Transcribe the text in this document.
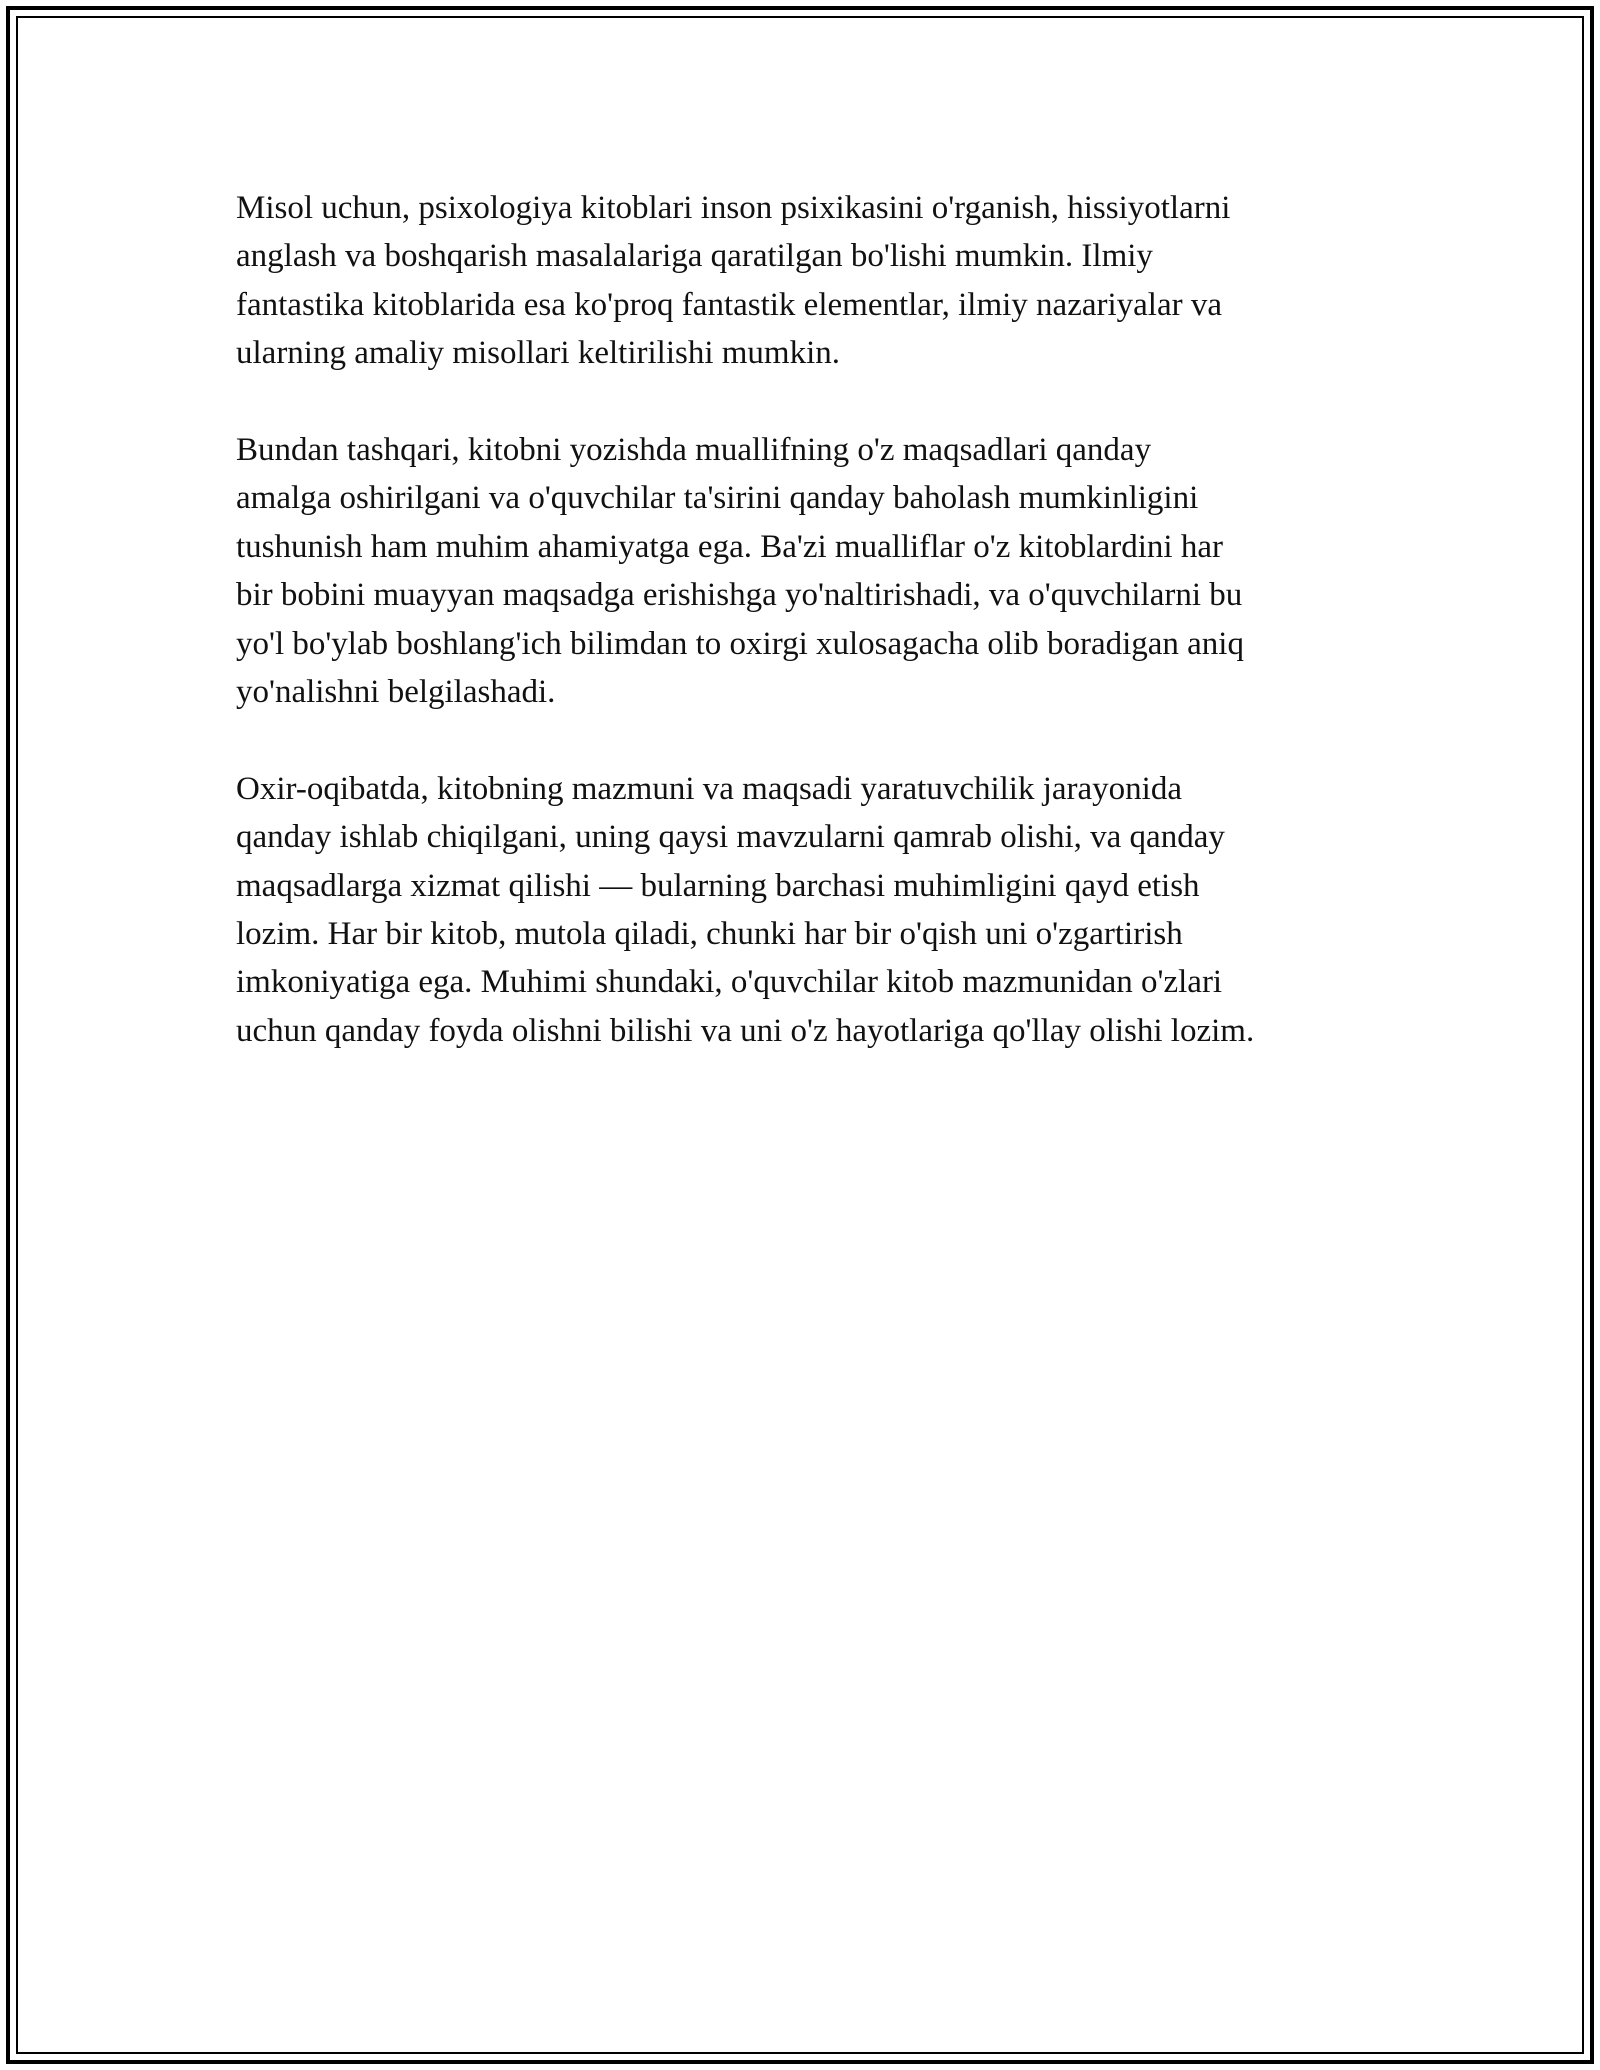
Misol uchun, psixologiya kitoblari inson psixikasini o'rganish, hissiyotlarni
anglash va boshqarish masalalariga qaratilgan bo'lishi mumkin. Ilmiy
fantastika kitoblarida esa ko'proq fantastik elementlar, ilmiy nazariyalar va
ularning amaliy misollari keltirilishi mumkin.

Bundan tashqari, kitobni yozishda muallifning o'z maqsadlari qanday
amalga oshirilgani va o'quvchilar ta'sirini qanday baholash mumkinligini
tushunish ham muhim ahamiyatga ega. Ba'zi mualliflar o'z kitoblardini har
bir bobini muayyan maqsadga erishishga yo'naltirishadi, va o'quvchilarni bu
yo'l bo'ylab boshlang'ich bilimdan to oxirgi xulosagacha olib boradigan aniq
yo'nalishni belgilashadi.

Oxir-oqibatda, kitobning mazmuni va maqsadi yaratuvchilik jarayonida
qanday ishlab chiqilgani, uning qaysi mavzularni qamrab olishi, va qanday
maqsadlarga xizmat qilishi — bularning barchasi muhimligini qayd etish
lozim. Har bir kitob, mutola qiladi, chunki har bir o'qish uni o'zgartirish
imkoniyatiga ega. Muhimi shundaki, o'quvchilar kitob mazmunidan o'zlari
uchun qanday foyda olishni bilishi va uni o'z hayotlariga qo'llay olishi lozim.
